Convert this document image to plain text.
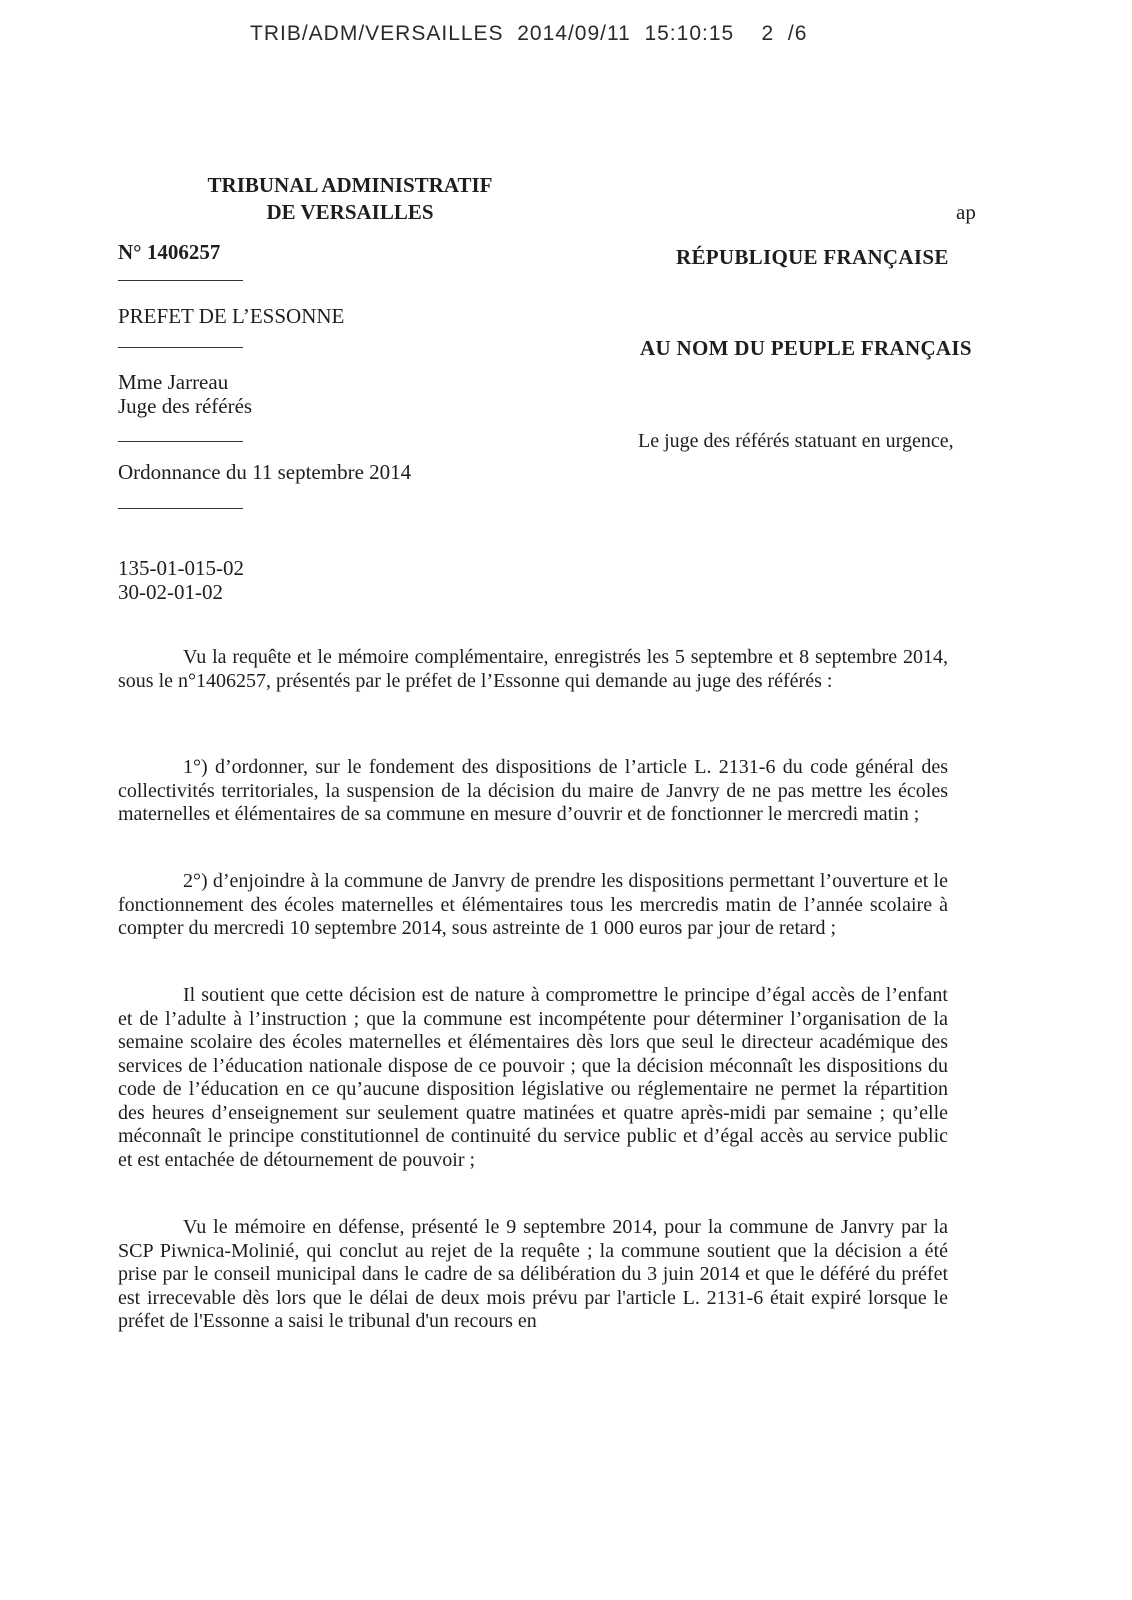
TRIB/ADM/VERSAILLES  2014/09/11  15:10:15    2  /6
TRIBUNAL ADMINISTRATIF
DE VERSAILLES	ap
N° 1406257	RÉPUBLIQUE FRANÇAISE
PREFET DE L’ESSONNE
AU NOM DU PEUPLE FRANÇAIS
Mme Jarreau
Juge des référés
Le juge des référés statuant en urgence,
Ordonnance du 11 septembre 2014
135-01-015-02
30-02-01-02

Vu la requête et le mémoire complémentaire, enregistrés les 5 septembre et 8 septembre 2014, sous le n°1406257, présentés par le préfet de l’Essonne qui demande au juge des référés :

1°) d’ordonner, sur le fondement des dispositions de l’article L. 2131-6 du code général des collectivités territoriales, la suspension de la décision du maire de Janvry de ne pas mettre les écoles maternelles et élémentaires de sa commune en mesure d’ouvrir et de fonctionner le mercredi matin ;

2°) d’enjoindre à la commune de Janvry de prendre les dispositions permettant l’ouverture et le fonctionnement des écoles maternelles et élémentaires tous les mercredis matin de l’année scolaire à compter du mercredi 10 septembre 2014, sous astreinte de 1 000 euros par jour de retard ;

Il soutient que cette décision est de nature à compromettre le principe d’égal accès de l’enfant et de l’adulte à l’instruction ; que la commune est incompétente pour déterminer l’organisation de la semaine scolaire des écoles maternelles et élémentaires dès lors que seul le directeur académique des services de l’éducation nationale dispose de ce pouvoir ; que la décision méconnaît les dispositions du code de l’éducation en ce qu’aucune disposition législative ou réglementaire ne permet la répartition des heures d’enseignement sur seulement quatre matinées et quatre après-midi par semaine ; qu’elle méconnaît le principe constitutionnel de continuité du service public et d’égal accès au service public et est entachée de détournement de pouvoir ;

Vu le mémoire en défense, présenté le 9 septembre 2014, pour la commune de Janvry par la SCP Piwnica-Molinié, qui conclut au rejet de la requête ; la commune soutient que la décision a été prise par le conseil municipal dans le cadre de sa délibération du 3 juin 2014 et que le déféré du préfet est irrecevable dès lors que le délai de deux mois prévu par l'article L. 2131-6 était expiré lorsque le préfet de l'Essonne a saisi le tribunal d'un recours en
